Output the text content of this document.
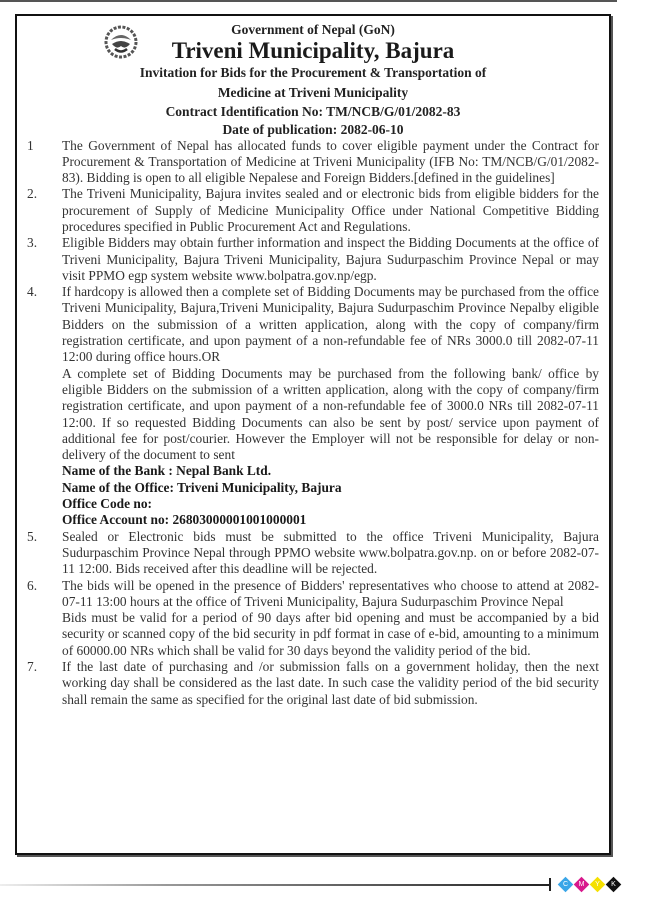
Government of Nepal (GoN)
Triveni Municipality, Bajura
Invitation for Bids for the Procurement & Transportation of
Medicine at Triveni Municipality
Contract Identification No: TM/NCB/G/01/2082-83
Date of publication: 2082-06-10
1	The Government of Nepal has allocated funds to cover eligible payment under the Contract for Procurement & Transportation of Medicine at Triveni Municipality (IFB No: TM/NCB/G/01/2082-83). Bidding is open to all eligible Nepalese and Foreign Bidders.[defined in the guidelines]

2.	The Triveni Municipality, Bajura invites sealed and or electronic bids from eligible bidders for the procurement of Supply of Medicine Municipality Office under National Competitive Bidding procedures specified in Public Procurement Act and Regulations.

3.	Eligible Bidders may obtain further information and inspect the Bidding Documents at the office of Triveni Municipality, Bajura Triveni Municipality, Bajura Sudurpaschim Province Nepal or may visit PPMO egp system website www.bolpatra.gov.np/egp.

4.	If hardcopy is allowed then a complete set of Bidding Documents may be purchased from the office Triveni Municipality, Bajura,Triveni Municipality, Bajura Sudurpaschim Province Nepalby eligible Bidders on the submission of a written application, along with the copy of company/firm registration certificate, and upon payment of a non-refundable fee of NRs 3000.0 till 2082-07-11 12:00 during office hours.OR

A complete set of Bidding Documents may be purchased from the following bank/ office by eligible Bidders on the submission of a written application, along with the copy of company/firm registration certificate, and upon payment of a non-refundable fee of 3000.0 NRs till 2082-07-11 12:00. If so requested Bidding Documents can also be sent by post/ service upon payment of additional fee for post/courier. However the Employer will not be responsible for delay or non-delivery of the document to sent

Name of the Bank : Nepal Bank Ltd.

Name of the Office: Triveni Municipality, Bajura

Office Code no:

Office Account no: 26803000001001000001

5.	Sealed or Electronic bids must be submitted to the office Triveni Municipality, Bajura Sudurpaschim Province Nepal through PPMO website www.bolpatra.gov.np. on or before 2082-07-11 12:00. Bids received after this deadline will be rejected.

6.	The bids will be opened in the presence of Bidders' representatives who choose to attend at 2082-07-11 13:00 hours at the office of Triveni Municipality, Bajura Sudurpaschim Province Nepal

Bids must be valid for a period of 90 days after bid opening and must be accompanied by a bid security or scanned copy of the bid security in pdf format in case of e-bid, amounting to a minimum of 60000.00 NRs which shall be valid for 30 days beyond the validity period of the bid.

7.	If the last date of purchasing and /or submission falls on a government holiday, then the next working day shall be considered as the last date. In such case the validity period of the bid security shall remain the same as specified for the original last date of bid submission.

C	M	Y	K
